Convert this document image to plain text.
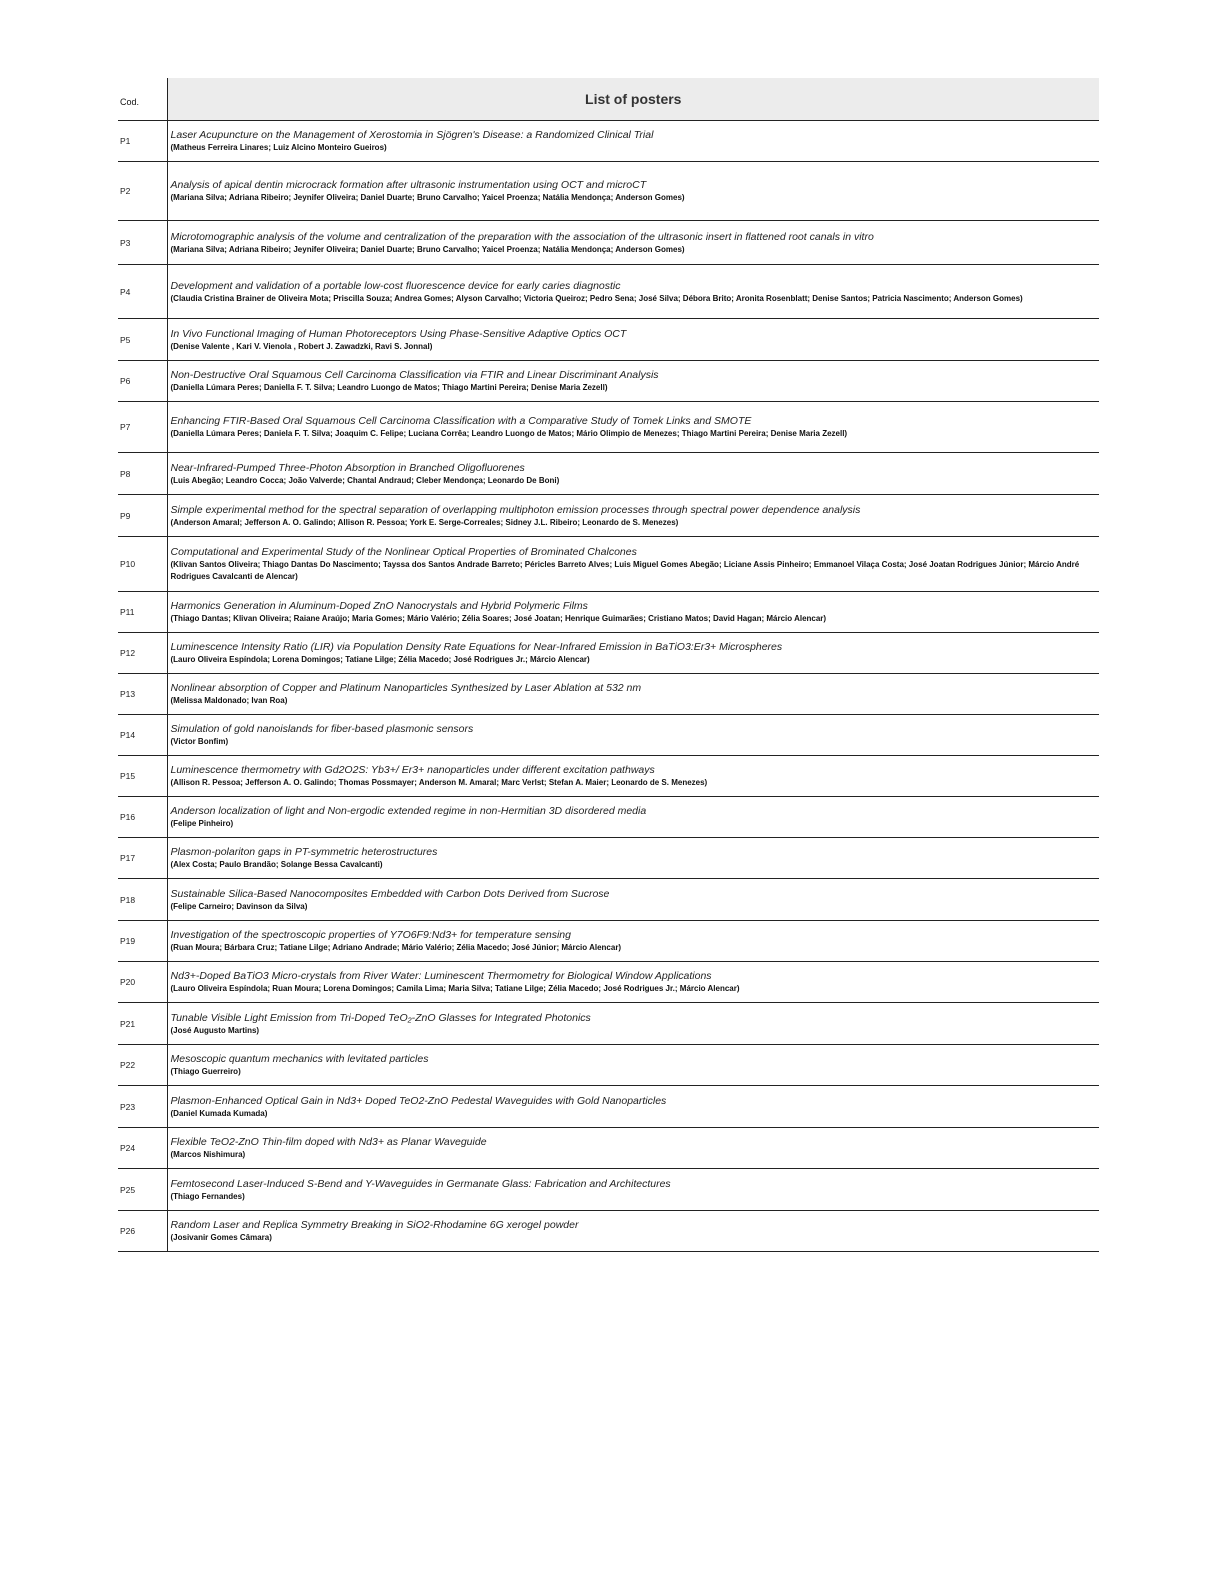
Cod.	List of posters
P1	Laser Acupuncture on the Management of Xerostomia in Sjögren's Disease: a Randomized Clinical Trial
(Matheus Ferreira Linares; Luiz Alcino Monteiro Gueiros)

P2	Analysis of apical dentin microcrack formation after ultrasonic instrumentation using OCT and microCT
(Mariana Silva; Adriana Ribeiro; Jeynifer Oliveira; Daniel Duarte; Bruno Carvalho; Yaicel Proenza; Natália Mendonça; Anderson Gomes)

P3	Microtomographic analysis of the volume and centralization of the preparation with the association of the ultrasonic insert in flattened root canals in vitro
(Mariana Silva; Adriana Ribeiro; Jeynifer Oliveira; Daniel Duarte; Bruno Carvalho; Yaicel Proenza; Natália Mendonça; Anderson Gomes)

P4	Development and validation of a portable low-cost fluorescence device for early caries diagnostic
(Claudia Cristina Brainer de Oliveira Mota; Priscilla Souza; Andrea Gomes; Alyson Carvalho; Victoria Queiroz; Pedro Sena; José Silva; Débora Brito; Aronita Rosenblatt; Denise Santos; Patricia Nascimento; Anderson Gomes)

P5	In Vivo Functional Imaging of Human Photoreceptors Using Phase-Sensitive Adaptive Optics OCT
(Denise Valente , Kari V. Vienola , Robert J. Zawadzki, Ravi S. Jonnal)

P6	Non-Destructive Oral Squamous Cell Carcinoma Classification via FTIR and Linear Discriminant Analysis
(Daniella Lúmara Peres; Daniella F. T. Silva; Leandro Luongo de Matos; Thiago Martini Pereira; Denise Maria Zezell)

P7	Enhancing FTIR-Based Oral Squamous Cell Carcinoma Classification with a Comparative Study of Tomek Links and SMOTE
(Daniella Lúmara Peres; Daniela F. T. Silva; Joaquim C. Felipe; Luciana Corrêa; Leandro Luongo de Matos; Mário Olimpio de Menezes; Thiago Martini Pereira; Denise Maria Zezell)

P8	Near-Infrared-Pumped Three-Photon Absorption in Branched Oligofluorenes
(Luis Abegão; Leandro Cocca; João Valverde; Chantal Andraud; Cleber Mendonça; Leonardo De Boni)

P9	Simple experimental method for the spectral separation of overlapping multiphoton emission processes through spectral power dependence analysis
(Anderson Amaral; Jefferson A. O. Galindo; Allison R. Pessoa; York E. Serge-Correales; Sidney J.L. Ribeiro; Leonardo de S. Menezes)

P10	Computational and Experimental Study of the Nonlinear Optical Properties of Brominated Chalcones
(Klivan Santos Oliveira; Thiago Dantas Do Nascimento; Tayssa dos Santos Andrade Barreto; Péricles Barreto Alves; Luis Miguel Gomes Abegão; Liciane Assis Pinheiro; Emmanoel Vilaça Costa; José Joatan Rodrigues Júnior; Márcio André Rodrigues Cavalcanti de Alencar)

P11	Harmonics Generation in Aluminum-Doped ZnO Nanocrystals and Hybrid Polymeric Films
(Thiago Dantas; Klivan Oliveira; Raiane Araújo; Maria Gomes; Mário Valério; Zélia Soares; José Joatan; Henrique Guimarães; Cristiano Matos; David Hagan; Márcio Alencar)

P12	Luminescence Intensity Ratio (LIR) via Population Density Rate Equations for Near-Infrared Emission in BaTiO3:Er3+ Microspheres
(Lauro Oliveira Espíndola; Lorena Domingos; Tatiane Lilge; Zélia Macedo; José Rodrigues Jr.; Márcio Alencar)

P13	Nonlinear absorption of Copper and Platinum Nanoparticles Synthesized by Laser Ablation at 532 nm
(Melissa Maldonado; Ivan Roa)

P14	Simulation of gold nanoislands for fiber-based plasmonic sensors
(Victor Bonfim)

P15	Luminescence thermometry with Gd2O2S: Yb3+/ Er3+ nanoparticles under different excitation pathways
(Allison R. Pessoa; Jefferson A. O. Galindo; Thomas Possmayer; Anderson M. Amaral; Marc Verlst; Stefan A. Maier; Leonardo de S. Menezes)

P16	Anderson localization of light and Non-ergodic extended regime in non-Hermitian 3D disordered media
(Felipe Pinheiro)

P17	Plasmon-polariton gaps in PT-symmetric heterostructures
(Alex Costa; Paulo Brandão; Solange Bessa Cavalcanti)

P18	Sustainable Silica-Based Nanocomposites Embedded with Carbon Dots Derived from Sucrose
(Felipe Carneiro; Davinson da Silva)

P19	Investigation of the spectroscopic properties of Y7O6F9:Nd3+ for temperature sensing
(Ruan Moura; Bárbara Cruz; Tatiane Lilge; Adriano Andrade; Mário Valério; Zélia Macedo; José Júnior; Márcio Alencar)

P20	Nd3+-Doped BaTiO3 Micro-crystals from River Water: Luminescent Thermometry for Biological Window Applications
(Lauro Oliveira Espíndola; Ruan Moura; Lorena Domingos; Camila Lima; Maria Silva; Tatiane Lilge; Zélia Macedo; José Rodrigues Jr.; Márcio Alencar)

P21	Tunable Visible Light Emission from Tri-Doped TeO₂-ZnO Glasses for Integrated Photonics
(José Augusto Martins)

P22	Mesoscopic quantum mechanics with levitated particles
(Thiago Guerreiro)

P23	Plasmon-Enhanced Optical Gain in Nd3+ Doped TeO2-ZnO Pedestal Waveguides with Gold Nanoparticles
(Daniel Kumada Kumada)

P24	Flexible TeO2-ZnO Thin-film doped with Nd3+ as Planar Waveguide
(Marcos Nishimura)

P25	Femtosecond Laser-Induced S-Bend and Y-Waveguides in Germanate Glass: Fabrication and Architectures
(Thiago Fernandes)

P26	Random Laser and Replica Symmetry Breaking in SiO2-Rhodamine 6G xerogel powder
(Josivanir Gomes Câmara)
